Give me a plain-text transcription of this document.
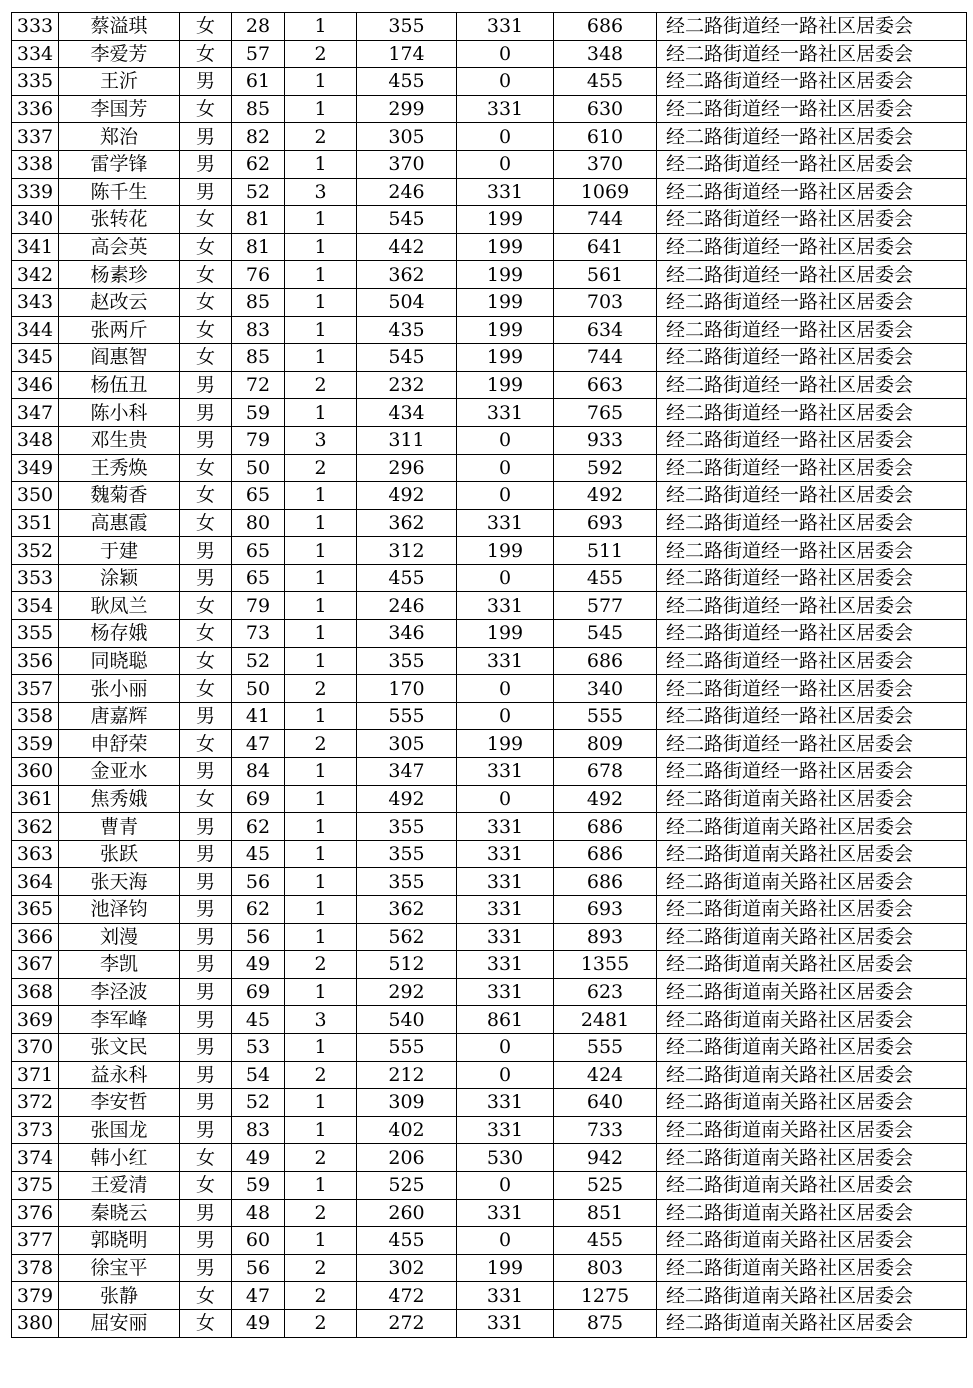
333	蔡溢琪	女	28	1	355	331	686	经二路街道经一路社区居委会
334	李爱芳	女	57	2	174	0	348	经二路街道经一路社区居委会
335	王沂	男	61	1	455	0	455	经二路街道经一路社区居委会
336	李国芳	女	85	1	299	331	630	经二路街道经一路社区居委会
337	郑治	男	82	2	305	0	610	经二路街道经一路社区居委会
338	雷学锋	男	62	1	370	0	370	经二路街道经一路社区居委会
339	陈千生	男	52	3	246	331	1069	经二路街道经一路社区居委会
340	张转花	女	81	1	545	199	744	经二路街道经一路社区居委会
341	高会英	女	81	1	442	199	641	经二路街道经一路社区居委会
342	杨素珍	女	76	1	362	199	561	经二路街道经一路社区居委会
343	赵改云	女	85	1	504	199	703	经二路街道经一路社区居委会
344	张两斤	女	83	1	435	199	634	经二路街道经一路社区居委会
345	阎惠智	女	85	1	545	199	744	经二路街道经一路社区居委会
346	杨伍丑	男	72	2	232	199	663	经二路街道经一路社区居委会
347	陈小科	男	59	1	434	331	765	经二路街道经一路社区居委会
348	邓生贵	男	79	3	311	0	933	经二路街道经一路社区居委会
349	王秀焕	女	50	2	296	0	592	经二路街道经一路社区居委会
350	魏菊香	女	65	1	492	0	492	经二路街道经一路社区居委会
351	高惠霞	女	80	1	362	331	693	经二路街道经一路社区居委会
352	于建	男	65	1	312	199	511	经二路街道经一路社区居委会
353	涂颖	男	65	1	455	0	455	经二路街道经一路社区居委会
354	耿凤兰	女	79	1	246	331	577	经二路街道经一路社区居委会
355	杨存娥	女	73	1	346	199	545	经二路街道经一路社区居委会
356	同晓聪	女	52	1	355	331	686	经二路街道经一路社区居委会
357	张小丽	女	50	2	170	0	340	经二路街道经一路社区居委会
358	唐嘉辉	男	41	1	555	0	555	经二路街道经一路社区居委会
359	申舒荣	女	47	2	305	199	809	经二路街道经一路社区居委会
360	金亚水	男	84	1	347	331	678	经二路街道经一路社区居委会
361	焦秀娥	女	69	1	492	0	492	经二路街道南关路社区居委会
362	曹青	男	62	1	355	331	686	经二路街道南关路社区居委会
363	张跃	男	45	1	355	331	686	经二路街道南关路社区居委会
364	张天海	男	56	1	355	331	686	经二路街道南关路社区居委会
365	池泽钧	男	62	1	362	331	693	经二路街道南关路社区居委会
366	刘漫	男	56	1	562	331	893	经二路街道南关路社区居委会
367	李凯	男	49	2	512	331	1355	经二路街道南关路社区居委会
368	李泾波	男	69	1	292	331	623	经二路街道南关路社区居委会
369	李军峰	男	45	3	540	861	2481	经二路街道南关路社区居委会
370	张文民	男	53	1	555	0	555	经二路街道南关路社区居委会
371	益永科	男	54	2	212	0	424	经二路街道南关路社区居委会
372	李安哲	男	52	1	309	331	640	经二路街道南关路社区居委会
373	张国龙	男	83	1	402	331	733	经二路街道南关路社区居委会
374	韩小红	女	49	2	206	530	942	经二路街道南关路社区居委会
375	王爱清	女	59	1	525	0	525	经二路街道南关路社区居委会
376	秦晓云	男	48	2	260	331	851	经二路街道南关路社区居委会
377	郭晓明	男	60	1	455	0	455	经二路街道南关路社区居委会
378	徐宝平	男	56	2	302	199	803	经二路街道南关路社区居委会
379	张静	女	47	2	472	331	1275	经二路街道南关路社区居委会
380	屈安丽	女	49	2	272	331	875	经二路街道南关路社区居委会
